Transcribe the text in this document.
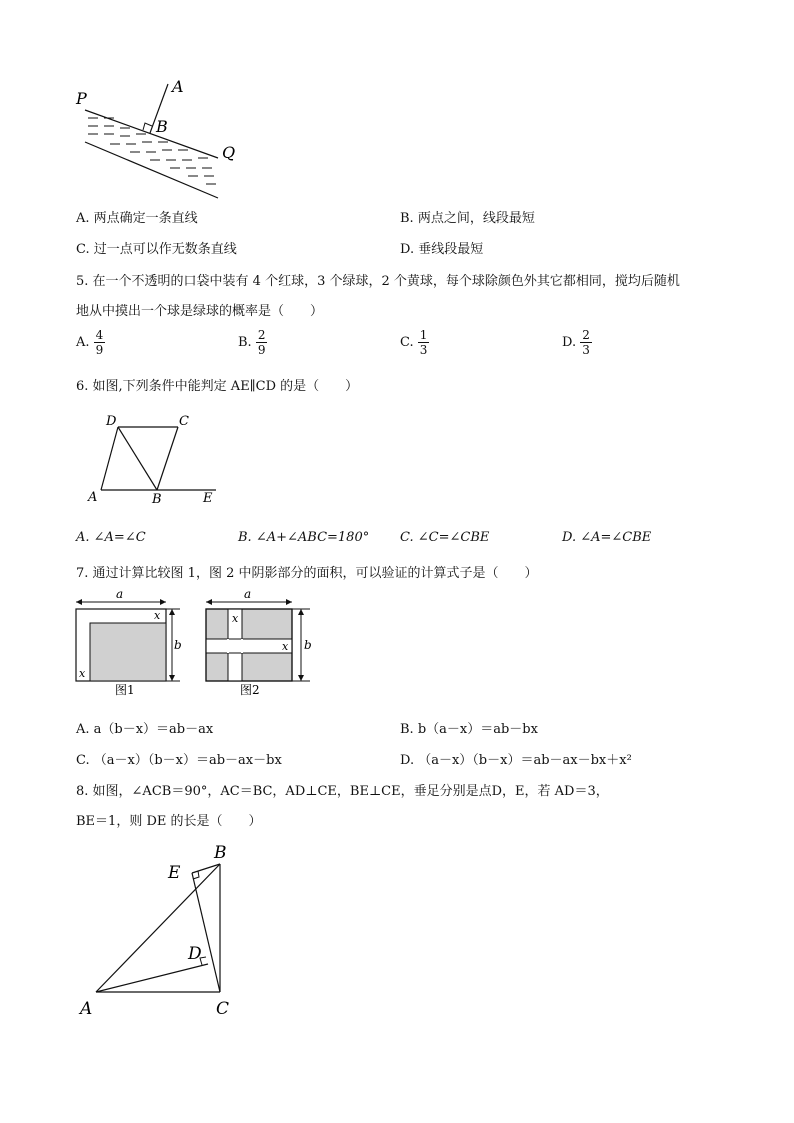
P
A
B
Q
A. 两点确定一条直线	B. 两点之间，线段最短
C. 过一点可以作无数条直线	D. 垂线段最短
5. 在一个不透明的口袋中装有 4 个红球，3 个绿球，2 个黄球，每个球除颜色外其它都相同，搅均后随机
地从中摸出一个球是绿球的概率是（　　）
A. $\frac{4}{9}$	B. $\frac{2}{9}$	C. $\frac{1}{3}$	D. $\frac{2}{3}$
6. 如图,下列条件中能判定 AE∥CD 的是（　　）
D	C
A	B	E
A. ∠A=∠C	B. ∠A+∠ABC=180° C. ∠C=∠CBE	D. ∠A=∠CBE
7. 通过计算比较图 1，图 2 中阴影部分的面积，可以验证的计算式子是（　　）
a
b
x
x
图1
a
b
x
x
图2
A. a（b－x）＝ab－ax	B. b（a－x）＝ab－bx
C. （a－x）（b－x）＝ab－ax－bx	D. （a－x）（b－x）＝ab－ax－bx＋x²
8. 如图，∠ACB＝90°，AC＝BC，AD⊥CE，BE⊥CE，垂足分别是点D，E，若 AD＝3，
BE＝1，则 DE 的长是（　　）
E
B
D
A	C
